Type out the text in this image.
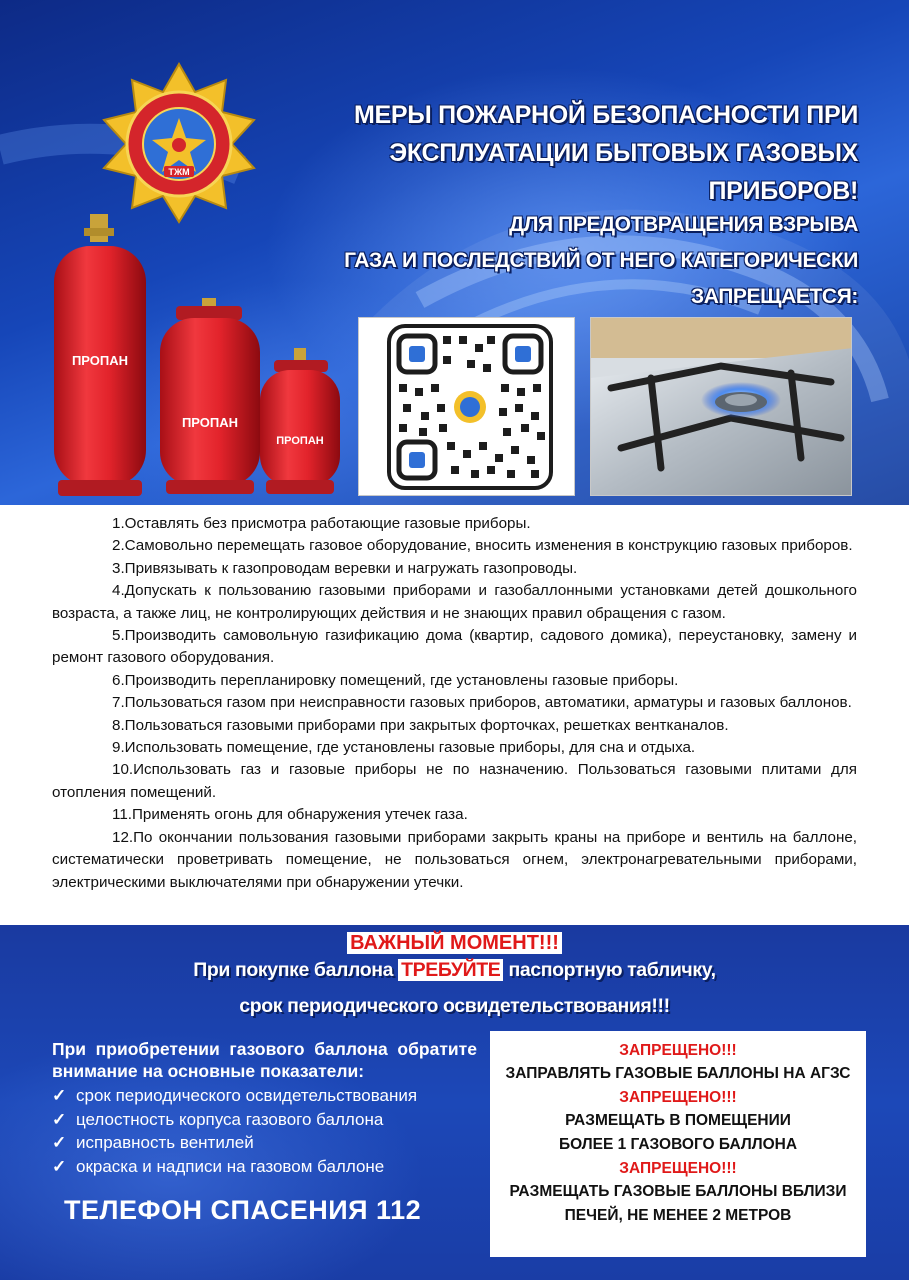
ТЖМ
МЕРЫ ПОЖАРНОЙ БЕЗОПАСНОСТИ ПРИ
ЭКСПЛУАТАЦИИ БЫТОВЫХ ГАЗОВЫХ ПРИБОРОВ!
ДЛЯ ПРЕДОТВРАЩЕНИЯ ВЗРЫВА
ГАЗА И ПОСЛЕДСТВИЙ ОТ НЕГО КАТЕГОРИЧЕСКИ ЗАПРЕЩАЕТСЯ:
ПРОПАН
ПРОПАН
ПРОПАН
1.Оставлять без присмотра работающие газовые приборы.
2.Самовольно перемещать газовое оборудование, вносить изменения в конструкцию газовых приборов.
3.Привязывать к газопроводам веревки и нагружать газопроводы.
4.Допускать к пользованию газовыми приборами и газобаллонными установками детей дошкольного возраста, а также лиц, не контролирующих действия и не знающих правил обращения с газом.
5.Производить самовольную газификацию дома (квартир, садового домика), переустановку, замену и ремонт газового оборудования.
6.Производить перепланировку помещений, где установлены газовые приборы.
7.Пользоваться газом при неисправности газовых приборов, автоматики, арматуры и газовых баллонов.
8.Пользоваться газовыми приборами при закрытых форточках, решетках вентканалов.
9.Использовать помещение, где установлены газовые приборы, для сна и отдыха.
10.Использовать газ и газовые приборы не по назначению. Пользоваться газовыми плитами для отопления помещений.
11.Применять огонь для обнаружения утечек газа.
12.По окончании пользования газовыми приборами закрыть краны на приборе и вентиль на баллоне, систематически проветривать помещение, не пользоваться огнем, электронагревательными приборами, электрическими выключателями при обнаружении утечки.
ВАЖНЫЙ МОМЕНТ!!!
При покупке баллона ТРЕБУЙТЕ паспортную табличку,
срок периодического освидетельствования!!!
При приобретении газового баллона обратите внимание на основные показатели:
✓ срок периодического освидетельствования
✓ целостность корпуса газового баллона
✓ исправность вентилей
✓ окраска и надписи на газовом баллоне
ТЕЛЕФОН СПАСЕНИЯ 112
ЗАПРЕЩЕНО!!!
ЗАПРАВЛЯТЬ ГАЗОВЫЕ БАЛЛОНЫ НА АГЗС
ЗАПРЕЩЕНО!!!
РАЗМЕЩАТЬ В ПОМЕЩЕНИИ
БОЛЕЕ 1 ГАЗОВОГО БАЛЛОНА
ЗАПРЕЩЕНО!!!
РАЗМЕЩАТЬ ГАЗОВЫЕ БАЛЛОНЫ ВБЛИЗИ
ПЕЧЕЙ, НЕ МЕНЕЕ 2 МЕТРОВ
